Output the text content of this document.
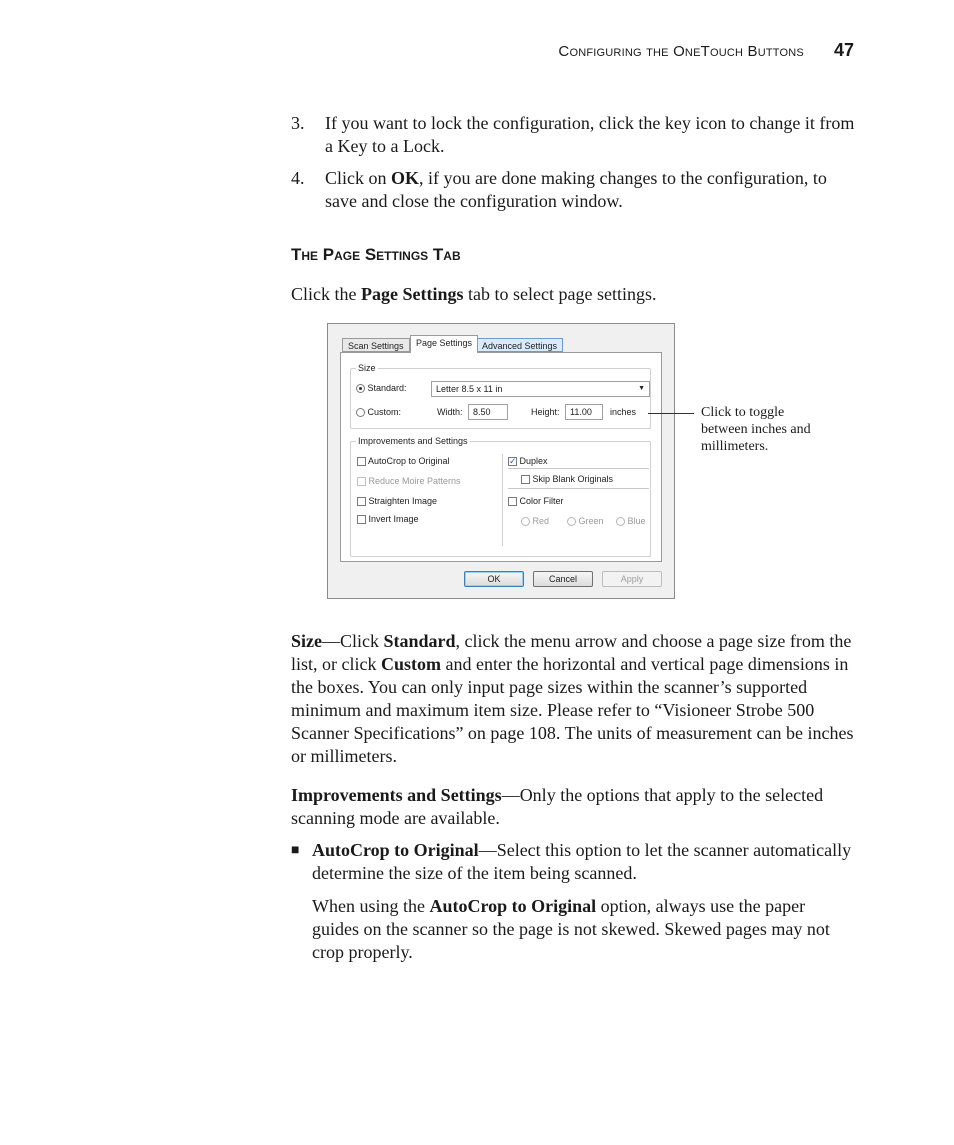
Configuring the OneTouch Buttons 47
3. If you want to lock the configuration, click the key icon to change it from a Key to a Lock.
4. Click on OK, if you are done making changes to the configuration, to save and close the configuration window.
The Page Settings Tab
Click the Page Settings tab to select page settings.
Scan Settings	Page Settings	Advanced Settings
Size
Standard:	Letter 8.5 x 11 in	▼
Custom:	Width:	8.50	Height:	11.00	inches
Improvements and Settings
AutoCrop to Original
Reduce Moire Patterns
Straighten Image
Invert Image
✓ Duplex
Skip Blank Originals
Color Filter
Red	Green	Blue
OK	Cancel	Apply
Click to toggle between inches and millimeters.
Size—Click Standard, click the menu arrow and choose a page size from the list, or click Custom and enter the horizontal and vertical page dimensions in the boxes. You can only input page sizes within the scanner’s supported minimum and maximum item size. Please refer to “Visioneer Strobe 500 Scanner Specifications” on page 108. The units of measurement can be inches or millimeters.
Improvements and Settings—Only the options that apply to the selected scanning mode are available.
■ AutoCrop to Original—Select this option to let the scanner automatically determine the size of the item being scanned.
When using the AutoCrop to Original option, always use the paper guides on the scanner so the page is not skewed. Skewed pages may not crop properly.
